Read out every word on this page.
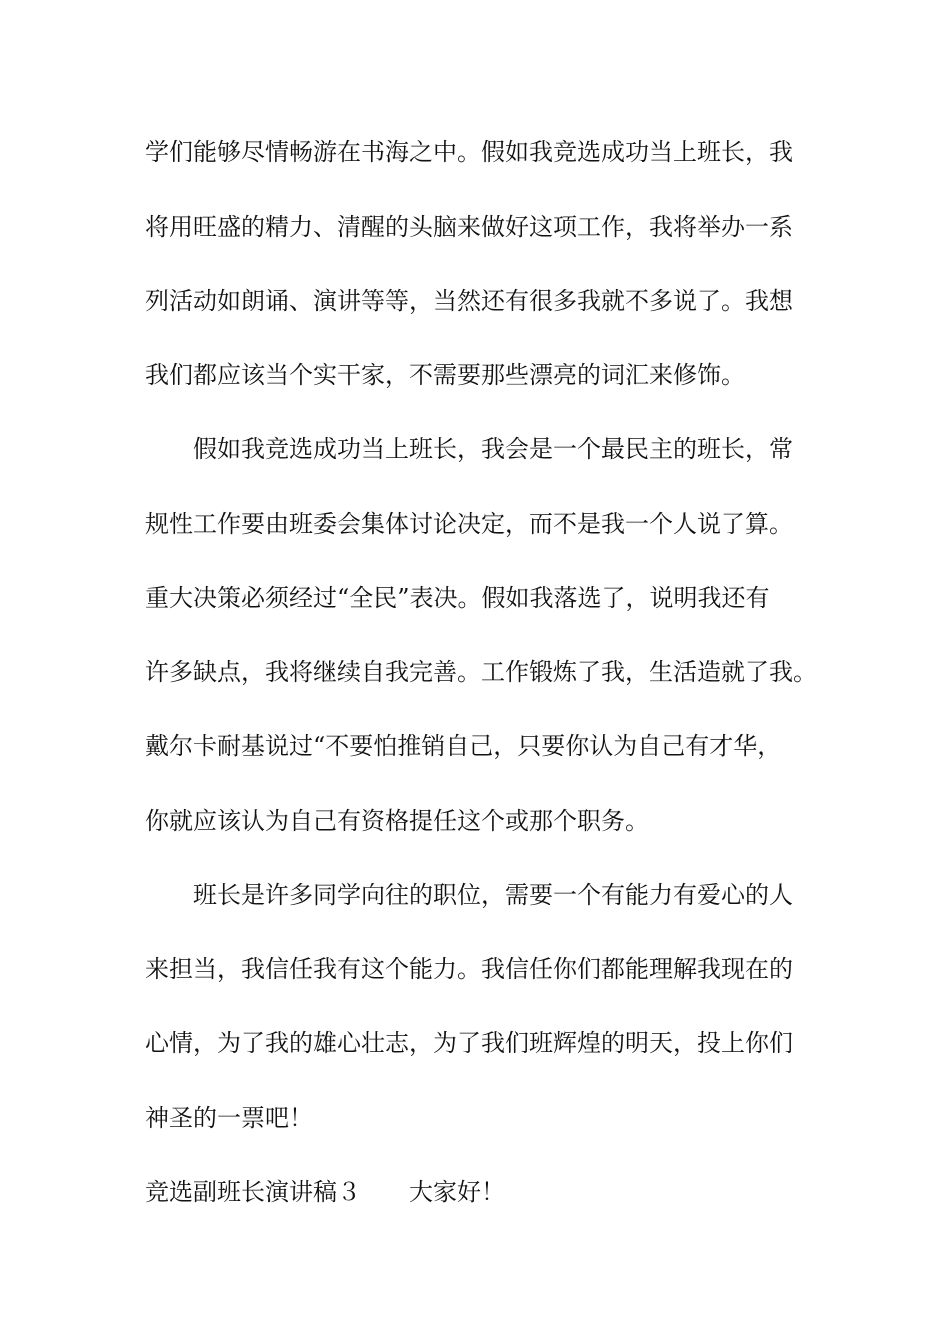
学们能够尽情畅游在书海之中。假如我竞选成功当上班长，我

将用旺盛的精力、清醒的头脑来做好这项工作，我将举办一系

列活动如朗诵、演讲等等，当然还有很多我就不多说了。我想

我们都应该当个实干家，不需要那些漂亮的词汇来修饰。

假如我竞选成功当上班长，我会是一个最民主的班长，常

规性工作要由班委会集体讨论决定，而不是我一个人说了算。

重大决策必须经过“全民”表决。假如我落选了，说明我还有

许多缺点，我将继续自我完善。工作锻炼了我，生活造就了我。

戴尔卡耐基说过“不要怕推销自己，只要你认为自己有才华，

你就应该认为自己有资格提任这个或那个职务。

班长是许多同学向往的职位，需要一个有能力有爱心的人

来担当，我信任我有这个能力。我信任你们都能理解我现在的

心情，为了我的雄心壮志，为了我们班辉煌的明天，投上你们

神圣的一票吧！

竞选副班长演讲稿３ 大家好！
